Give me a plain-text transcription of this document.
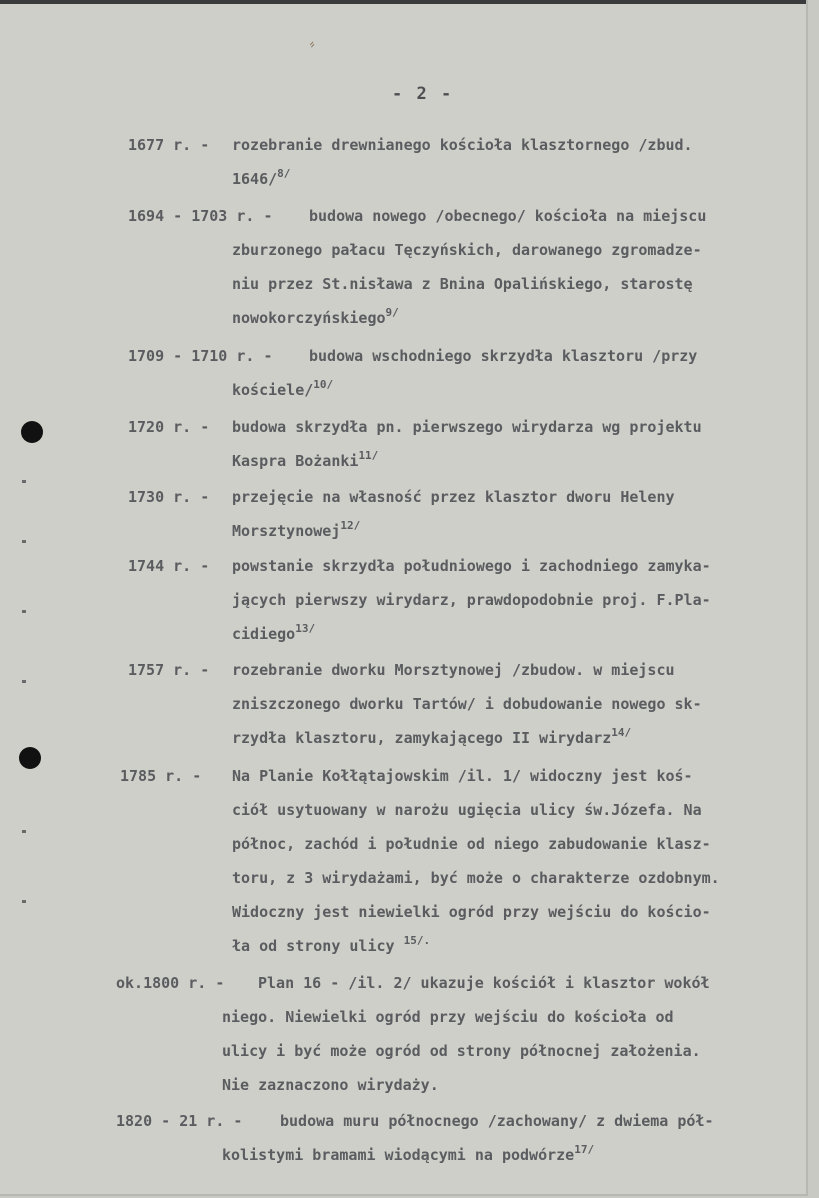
⸗
- 2 -

1677 r. -

rozebranie drewnianego kościoła klasztornego /zbud.

1646/$^{8/}$

1694 - 1703 r. -

budowa nowego /obecnego/ kościoła na miejscu

zburzonego pałacu Tęczyńskich, darowanego zgromadze-

niu przez St.nisława z Bnina Opalińskiego, starostę

nowokorczyńskiego$^{9/}$

1709 - 1710 r. -

budowa wschodniego skrzydła klasztoru /przy

kościele/$^{10/}$

1720 r. -

budowa skrzydła pn. pierwszego wirydarza wg projektu

Kaspra Bożanki$^{11/}$

1730 r. -

przejęcie na własność przez klasztor dworu Heleny

Morsztynowej$^{12/}$

1744 r. -

powstanie skrzydła południowego i zachodniego zamyka-

jących pierwszy wirydarz, prawdopodobnie proj. F.Pla-

cidiego$^{13/}$

1757 r. -

rozebranie dworku Morsztynowej /zbudow. w miejscu

zniszczonego dworku Tartów/ i dobudowanie nowego sk-

rzydła klasztoru, zamykającego II wirydarz$^{14/}$

1785 r. -

Na Planie Kołłątajowskim /il. 1/ widoczny jest koś-

ciół usytuowany w narożu ugięcia ulicy św.Józefa. Na

północ, zachód i południe od niego zabudowanie klasz-

toru, z 3 wirydażami, być może o charakterze ozdobnym.

Widoczny jest niewielki ogród przy wejściu do kościo-

ła od strony ulicy $^{15/.}$

ok.1800 r. -

Plan 16 - /il. 2/ ukazuje kościół i klasztor wokół

niego. Niewielki ogród przy wejściu do kościoła od

ulicy i być może ogród od strony północnej założenia.

Nie zaznaczono wirydaży.

1820 - 21 r. -

	budowa muru północnego /zachowany/ z dwiema pół-

kolistymi bramami wiodącymi na podwórze$^{17/}$
